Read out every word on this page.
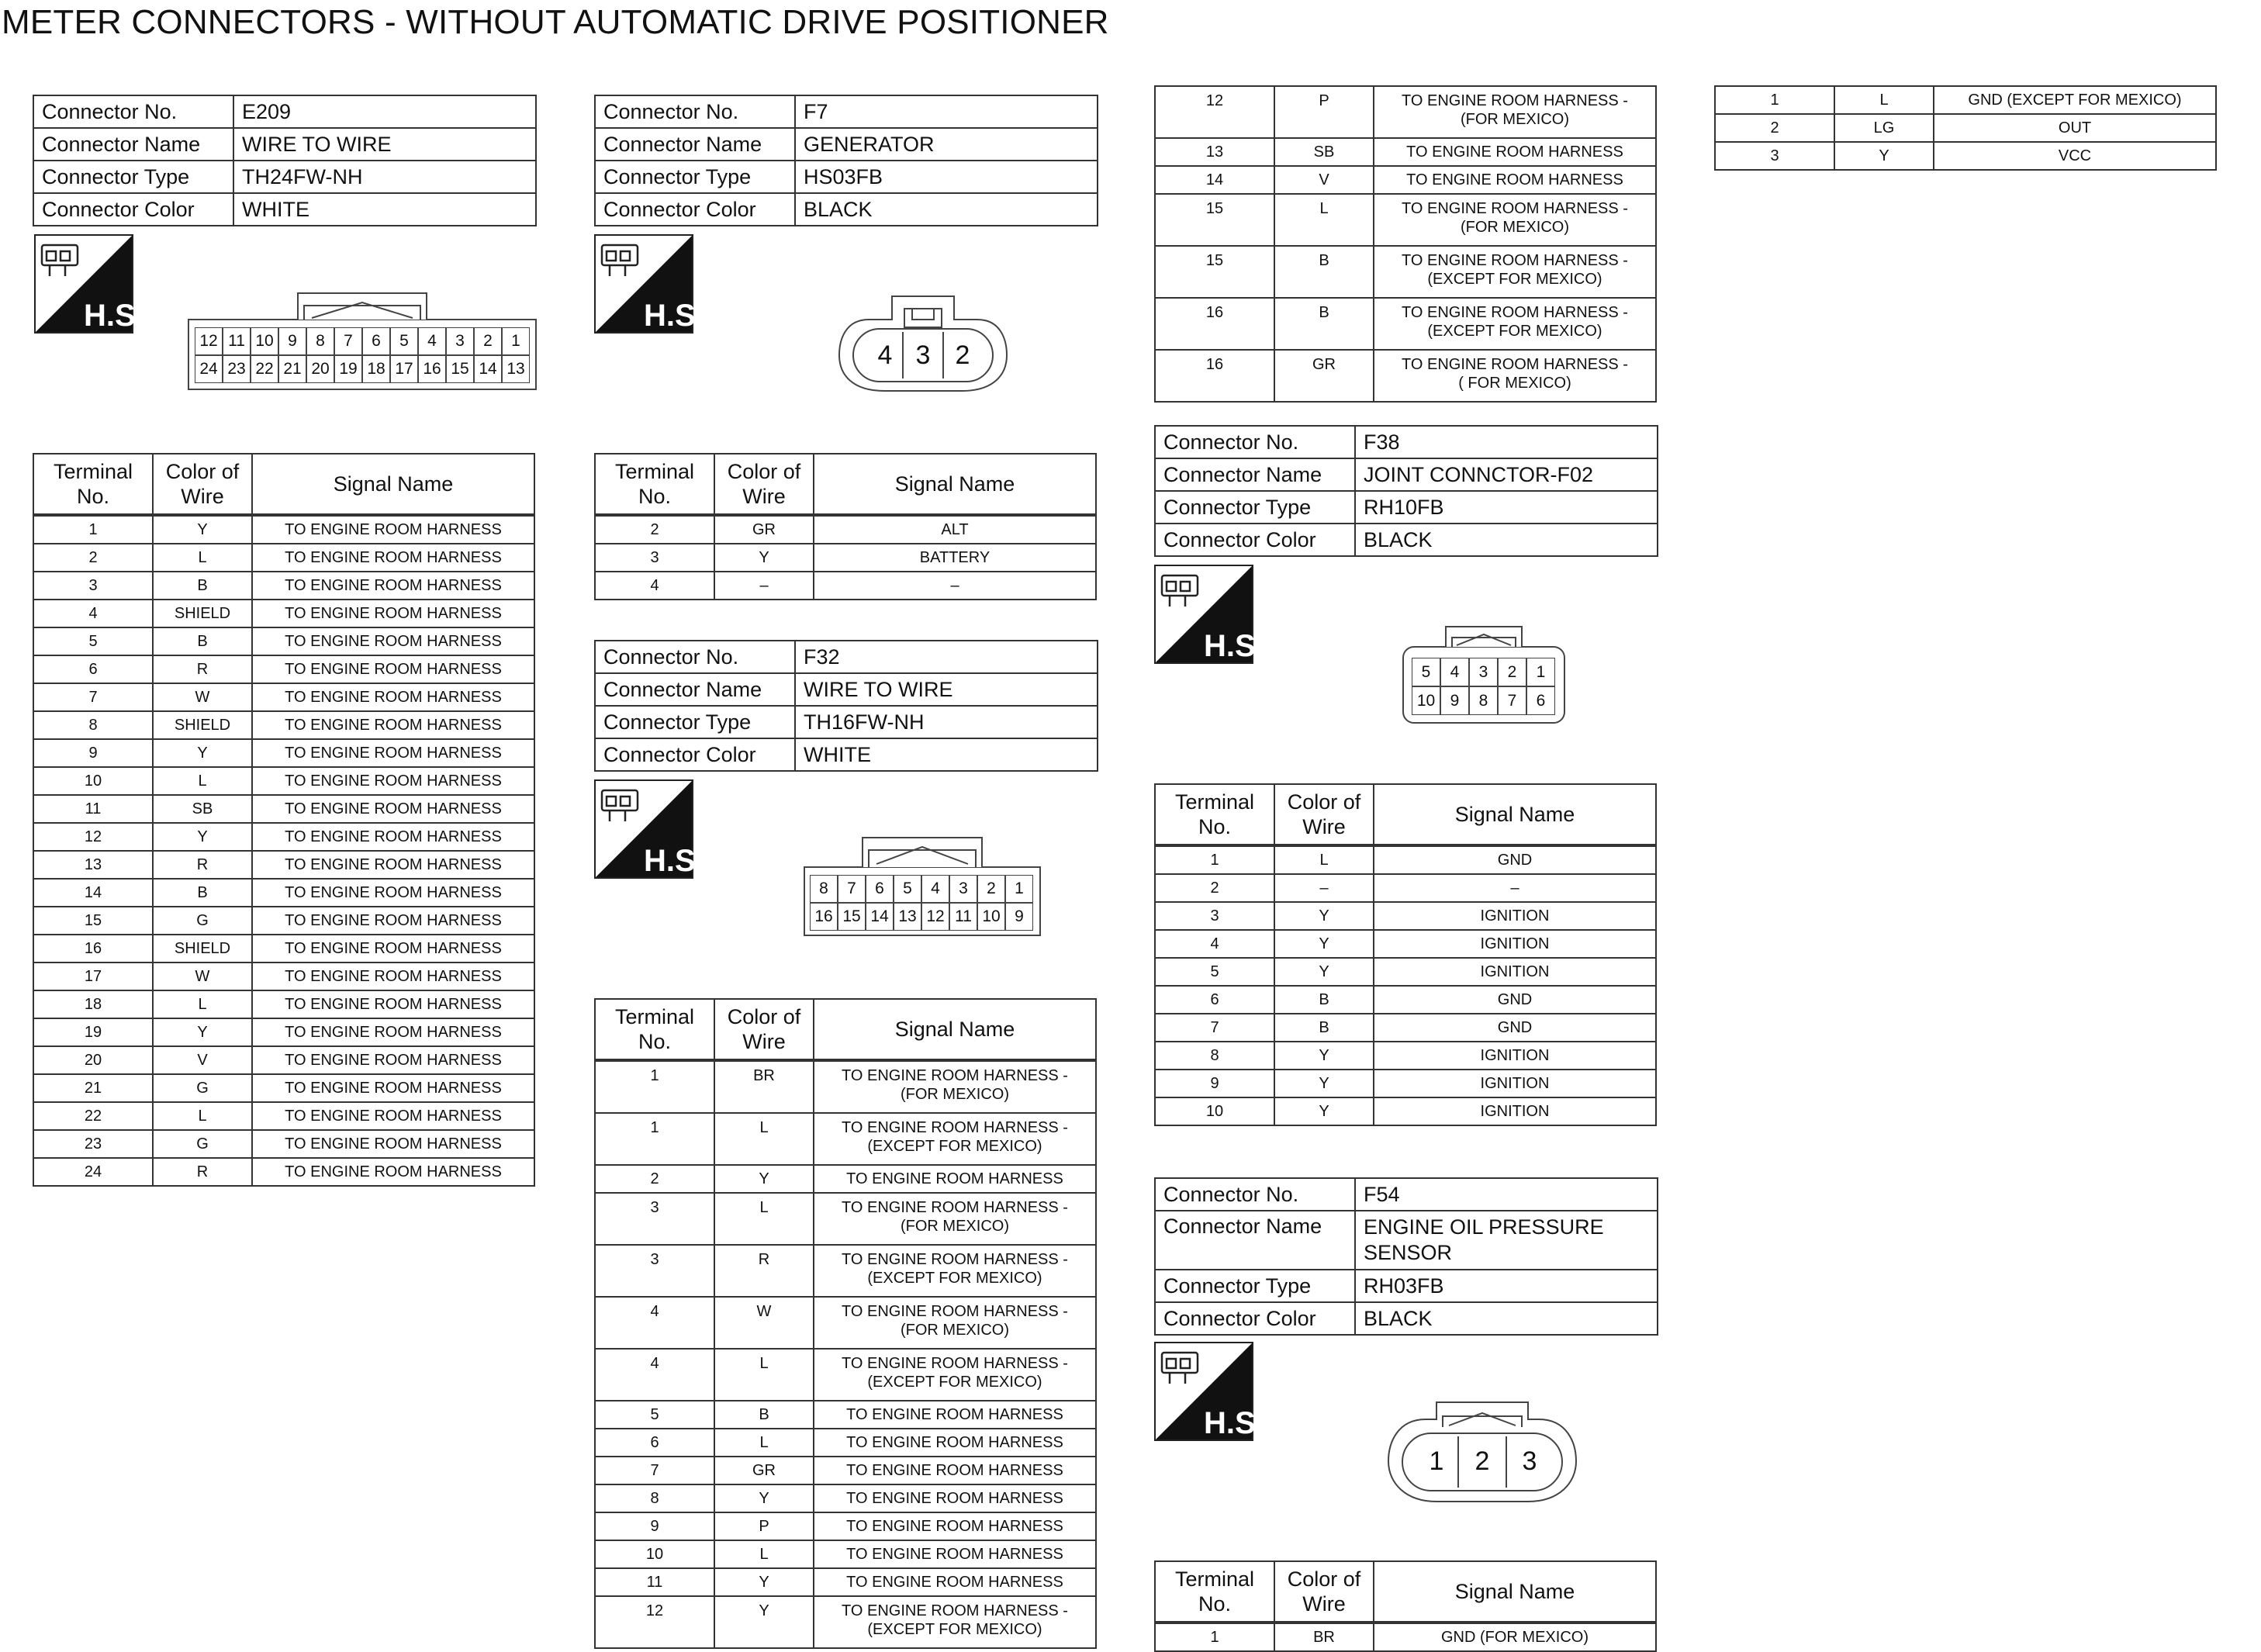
METER CONNECTORS - WITHOUT AUTOMATIC DRIVE POSITIONER
Connector No.	E209
Connector Name	WIRE TO WIRE
Connector Type	TH24FW-NH
Connector Color	WHITE
H.S.
12 11 10 9	8	7	6	5	4	3	2	1
24 23 22 21 20 19 18 17 16 15 14 13
Terminal
No.	Color of
Wire	Signal Name
1	Y	TO ENGINE ROOM HARNESS
2	L	TO ENGINE ROOM HARNESS
3	B	TO ENGINE ROOM HARNESS
4	SHIELD	TO ENGINE ROOM HARNESS
5	B	TO ENGINE ROOM HARNESS
6	R	TO ENGINE ROOM HARNESS
7	W	TO ENGINE ROOM HARNESS
8	SHIELD	TO ENGINE ROOM HARNESS
9	Y	TO ENGINE ROOM HARNESS
10	L	TO ENGINE ROOM HARNESS
11	SB	TO ENGINE ROOM HARNESS
12	Y	TO ENGINE ROOM HARNESS
13	R	TO ENGINE ROOM HARNESS
14	B	TO ENGINE ROOM HARNESS
15	G	TO ENGINE ROOM HARNESS
16	SHIELD	TO ENGINE ROOM HARNESS
17	W	TO ENGINE ROOM HARNESS
18	L	TO ENGINE ROOM HARNESS
19	Y	TO ENGINE ROOM HARNESS
20	V	TO ENGINE ROOM HARNESS
21	G	TO ENGINE ROOM HARNESS
22	L	TO ENGINE ROOM HARNESS
23	G	TO ENGINE ROOM HARNESS
24	R	TO ENGINE ROOM HARNESS
Connector No.	F7
Connector Name	GENERATOR
Connector Type	HS03FB
Connector Color	BLACK
H.S.
4 3 2
Terminal
No.	Color of
Wire	Signal Name
2	GR	ALT
3	Y	BATTERY
4	–	–
Connector No.	F32
Connector Name	WIRE TO WIRE
Connector Type	TH16FW-NH
Connector Color	WHITE
H.S.
8	7	6	5	4	3	2	1
16 15 14 13 12 11 10 9
Terminal
No.	Color of
Wire	Signal Name
1	BR	TO ENGINE ROOM HARNESS -
(FOR MEXICO)
1	L	TO ENGINE ROOM HARNESS -
(EXCEPT FOR MEXICO)
2	Y	TO ENGINE ROOM HARNESS
3	L	TO ENGINE ROOM HARNESS -
(FOR MEXICO)
3	R	TO ENGINE ROOM HARNESS -
(EXCEPT FOR MEXICO)
4	W	TO ENGINE ROOM HARNESS -
(FOR MEXICO)
4	L	TO ENGINE ROOM HARNESS -
(EXCEPT FOR MEXICO)
5	B	TO ENGINE ROOM HARNESS
6	L	TO ENGINE ROOM HARNESS
7	GR	TO ENGINE ROOM HARNESS
8	Y	TO ENGINE ROOM HARNESS
9	P	TO ENGINE ROOM HARNESS
10	L	TO ENGINE ROOM HARNESS
11	Y	TO ENGINE ROOM HARNESS
12	Y	TO ENGINE ROOM HARNESS -
(EXCEPT FOR MEXICO)
12	P	TO ENGINE ROOM HARNESS -
(FOR MEXICO)
13	SB	TO ENGINE ROOM HARNESS
14	V	TO ENGINE ROOM HARNESS
15	L	TO ENGINE ROOM HARNESS -
(FOR MEXICO)
15	B	TO ENGINE ROOM HARNESS -
(EXCEPT FOR MEXICO)
16	B	TO ENGINE ROOM HARNESS -
(EXCEPT FOR MEXICO)
16	GR	TO ENGINE ROOM HARNESS -
( FOR MEXICO)
Connector No.	F38
Connector Name	JOINT CONNCTOR-F02
Connector Type	RH10FB
Connector Color	BLACK
H.S.
5	4	3	2	1
10 9	8	7	6
Terminal
No.	Color of
Wire	Signal Name
1	L	GND
2	–	–
3	Y	IGNITION
4	Y	IGNITION
5	Y	IGNITION
6	B	GND
7	B	GND
8	Y	IGNITION
9	Y	IGNITION
10	Y	IGNITION
Connector No.	F54
Connector Name	ENGINE OIL PRESSURE
SENSOR
Connector Type	RH03FB
Connector Color	BLACK
H.S.
1	2	3
Terminal
No.	Color of
Wire	Signal Name
1	BR	GND (FOR MEXICO)
1	L	GND (EXCEPT FOR MEXICO)
2	LG	OUT
3	Y	VCC
